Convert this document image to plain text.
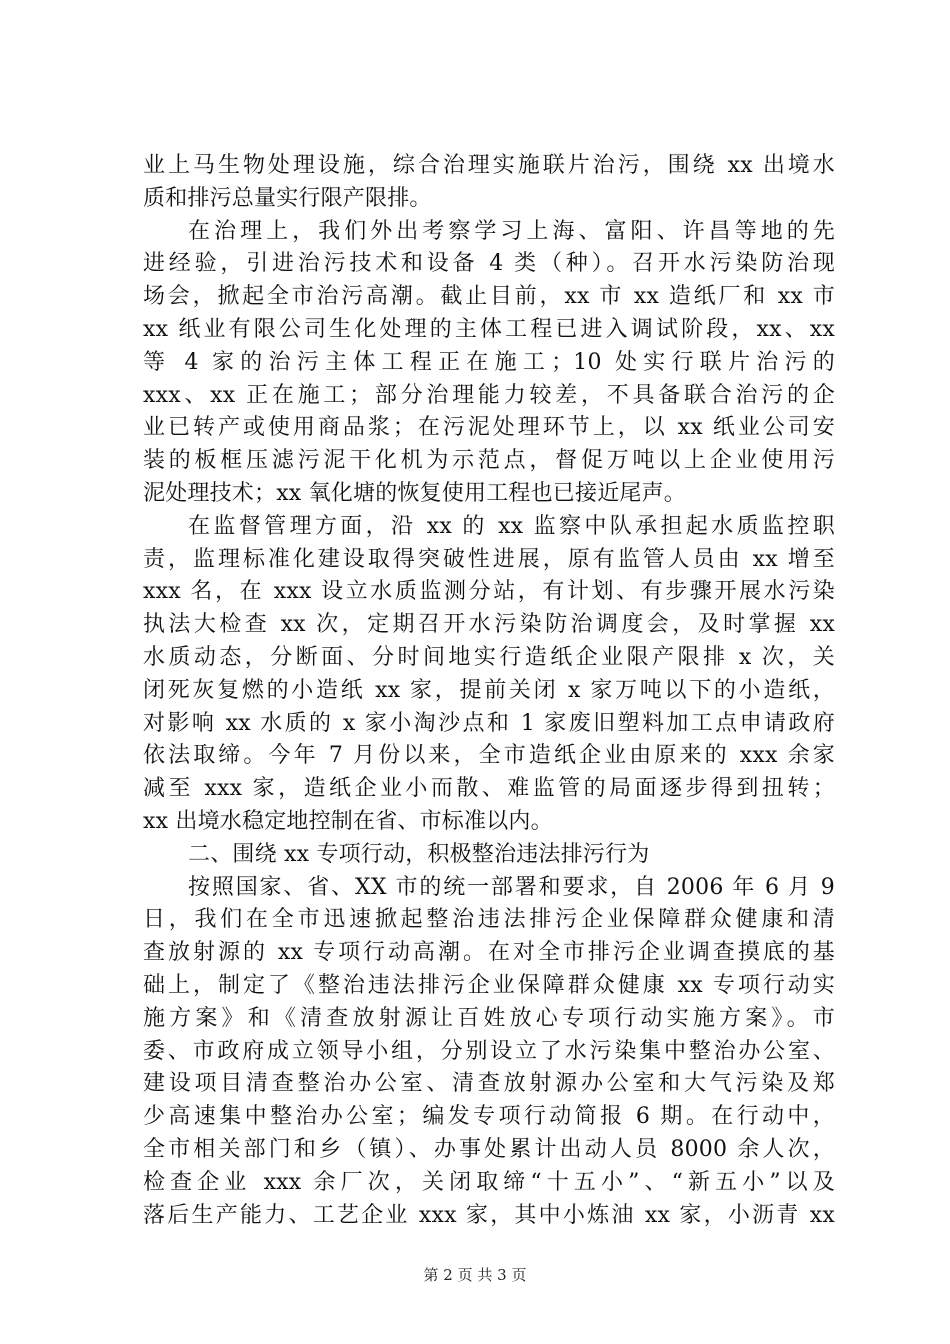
业上马生物处理设施，综合治理实施联片治污，围绕 xx 出境水
质和排污总量实行限产限排。
在治理上，我们外出考察学习上海、富阳、许昌等地的先
进经验，引进治污技术和设备 4 类（种）。召开水污染防治现
场会，掀起全市治污高潮。截止目前，xx 市 xx 造纸厂和 xx 市
xx 纸业有限公司生化处理的主体工程已进入调试阶段，xx、xx
等 4 家的治污主体工程正在施工；10 处实行联片治污的
xxx、xx 正在施工；部分治理能力较差，不具备联合治污的企
业已转产或使用商品浆；在污泥处理环节上，以 xx 纸业公司安
装的板框压滤污泥干化机为示范点，督促万吨以上企业使用污
泥处理技术；xx 氧化塘的恢复使用工程也已接近尾声。
在监督管理方面，沿 xx 的 xx 监察中队承担起水质监控职
责，监理标准化建设取得突破性进展，原有监管人员由 xx 增至
xxx 名，在 xxx 设立水质监测分站，有计划、有步骤开展水污染
执法大检查 xx 次，定期召开水污染防治调度会，及时掌握 xx
水质动态，分断面、分时间地实行造纸企业限产限排 x 次，关
闭死灰复燃的小造纸 xx 家，提前关闭 x 家万吨以下的小造纸，
对影响 xx 水质的 x 家小淘沙点和 1 家废旧塑料加工点申请政府
依法取缔。今年 7 月份以来，全市造纸企业由原来的 xxx 余家
减至 xxx 家，造纸企业小而散、难监管的局面逐步得到扭转；
xx 出境水稳定地控制在省、市标准以内。
二、围绕 xx 专项行动，积极整治违法排污行为
按照国家、省、XX 市的统一部署和要求，自 2006 年 6 月 9
日，我们在全市迅速掀起整治违法排污企业保障群众健康和清
查放射源的 xx 专项行动高潮。在对全市排污企业调查摸底的基
础上，制定了《整治违法排污企业保障群众健康 xx 专项行动实
施方案》和《清查放射源让百姓放心专项行动实施方案》。市
委、市政府成立领导小组，分别设立了水污染集中整治办公室、
建设项目清查整治办公室、清查放射源办公室和大气污染及郑
少高速集中整治办公室；编发专项行动简报 6 期。在行动中，
全市相关部门和乡（镇）、办事处累计出动人员 8000 余人次，
检查企业 xxx 余厂次，关闭取缔“十五小”、“新五小”以及
落后生产能力、工艺企业 xxx 家，其中小炼油 xx 家，小沥青 xx
第 2 页 共 3 页
